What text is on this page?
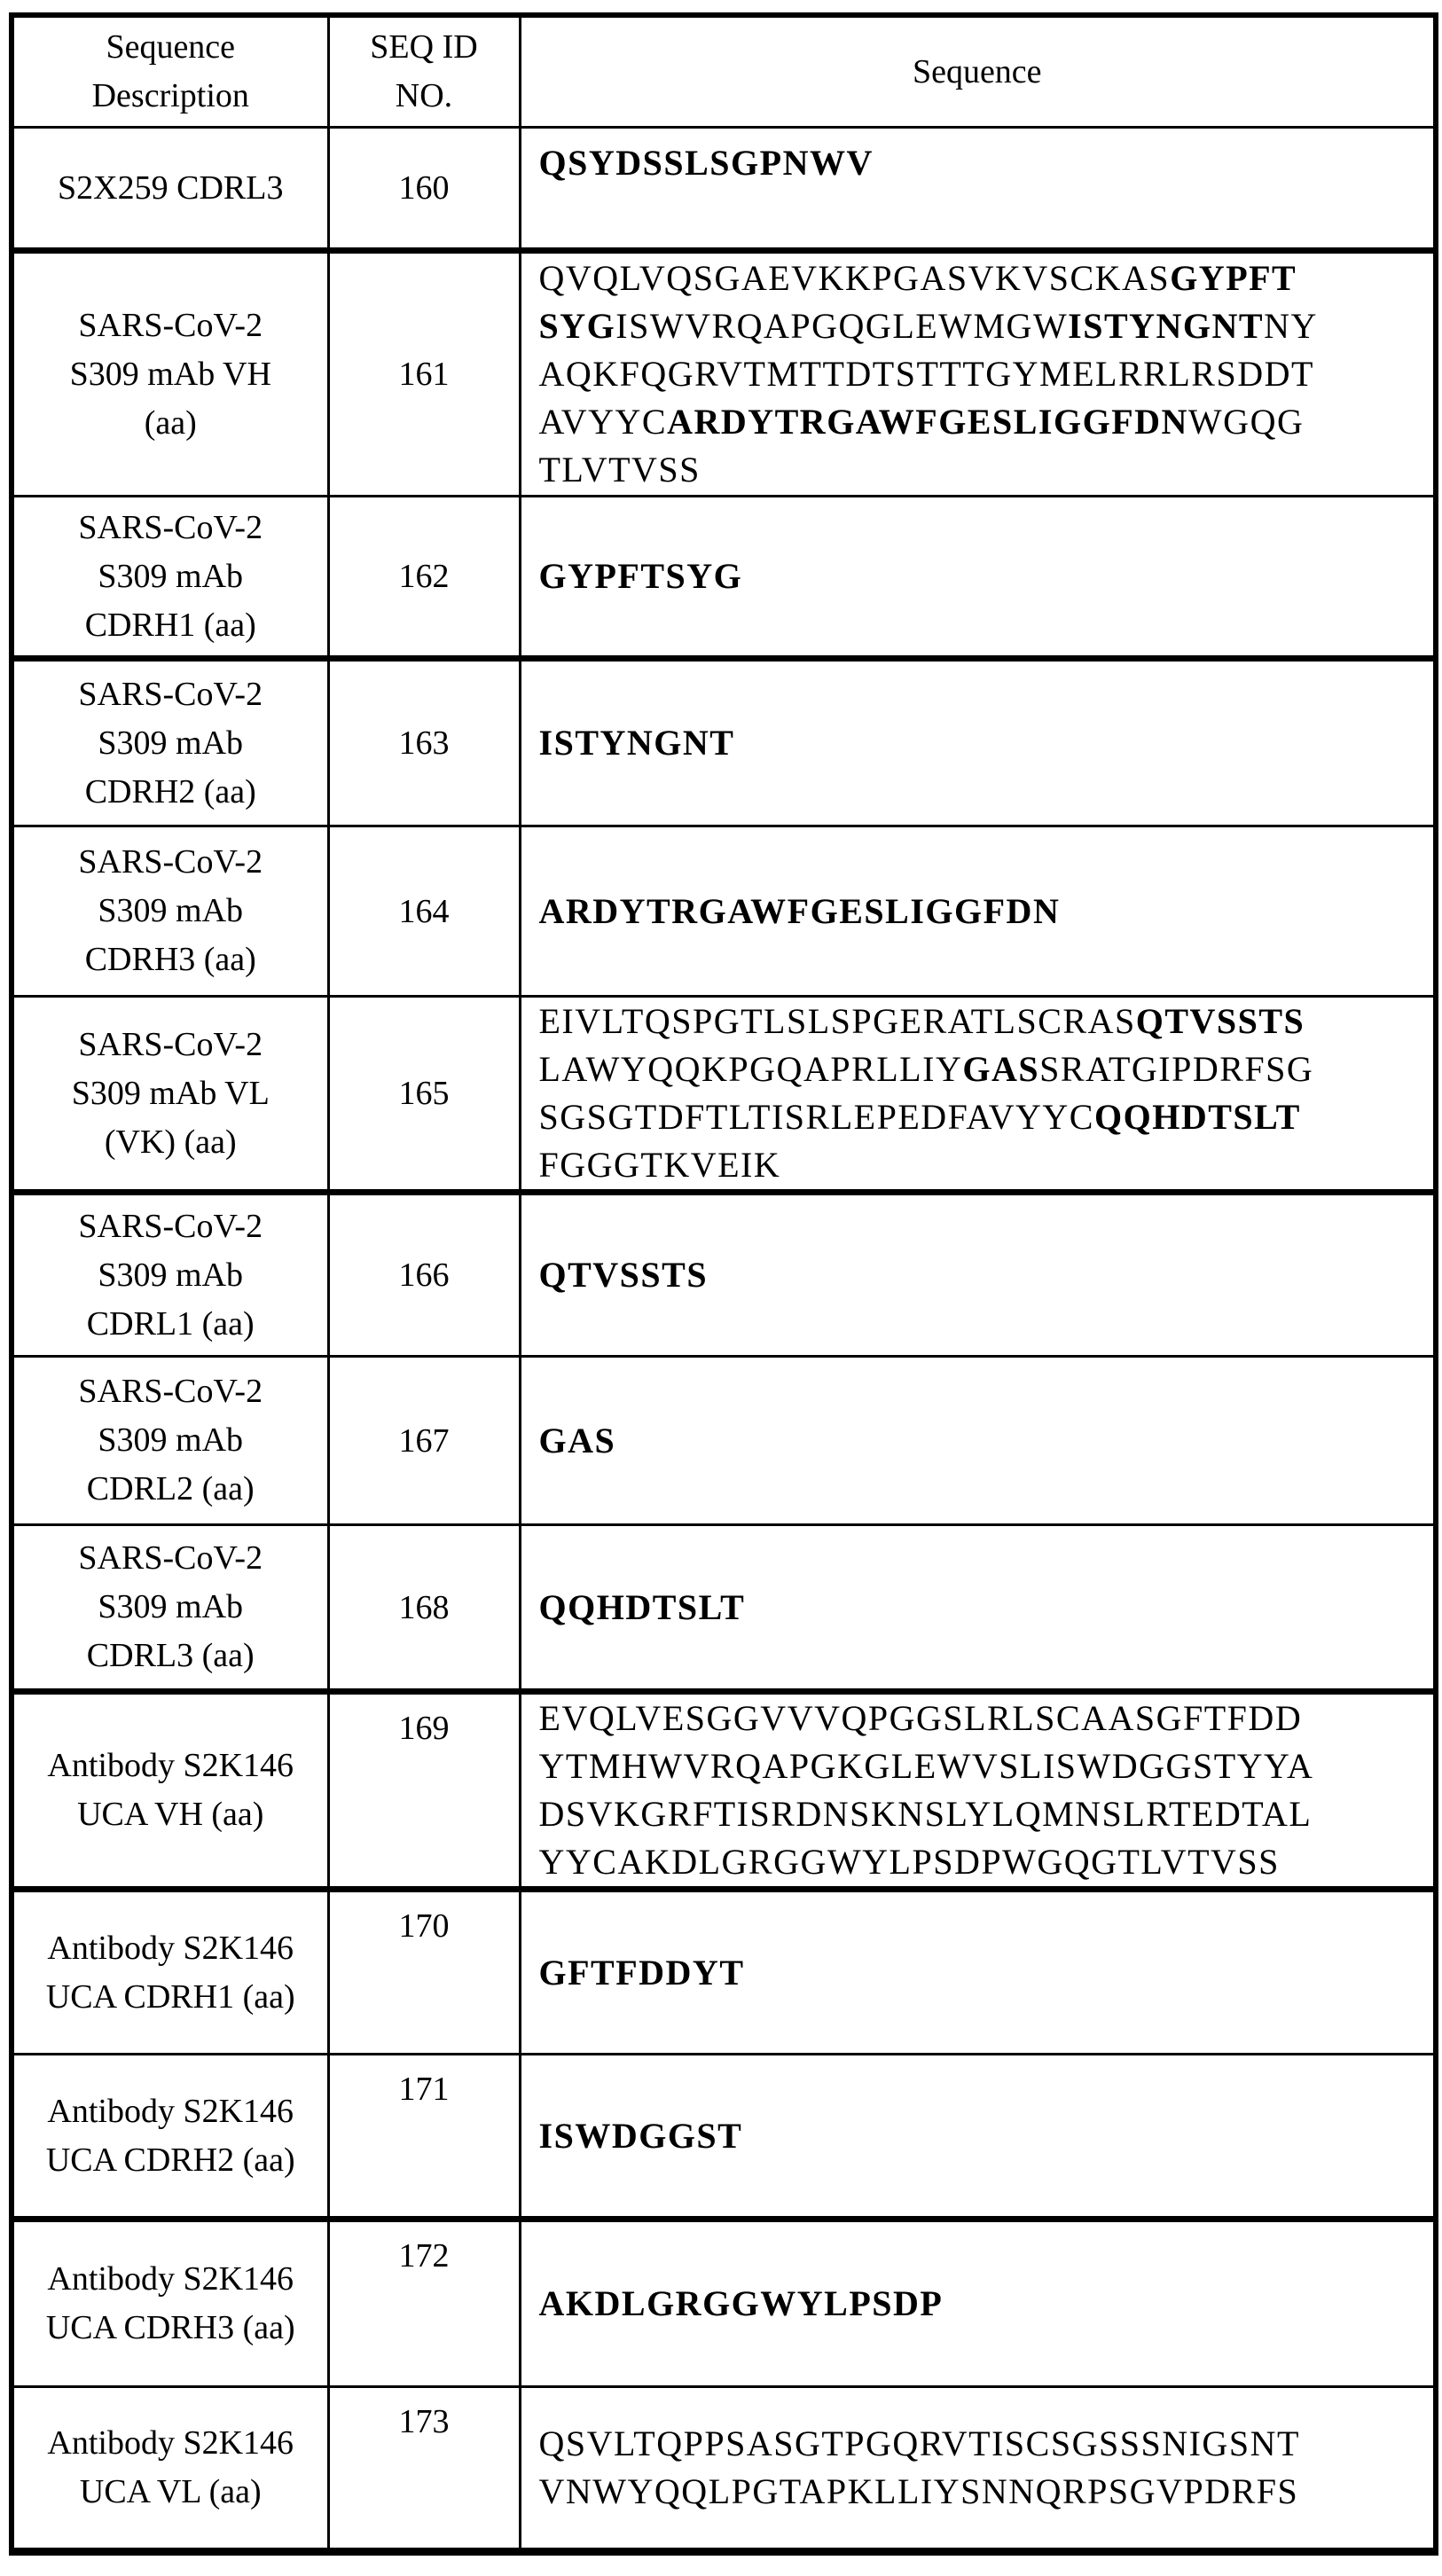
Sequence Description	SEQ ID NO.	Sequence
S2X259 CDRL3	160	QSYDSSLSGPNWV

SARS-CoV-2 S309 mAb VH (aa)	161	QVQLVQSGAEVKKPGASVKVSCKASGYPFT
SYGISWVRQAPGQGLEWMGWISTYNGNTNY
AQKFQGRVTMTTDTSTTTGYMELRRLRSDDT
AVYYCARDYTRGAWFGESLIGGFDNWGQG
TLVTVSS

SARS-CoV-2 S309 mAb CDRH1 (aa)	162	GYPFTSYG

SARS-CoV-2 S309 mAb CDRH2 (aa)	163	ISTYNGNT

SARS-CoV-2 S309 mAb CDRH3 (aa)	164	ARDYTRGAWFGESLIGGFDN

SARS-CoV-2 S309 mAb VL (VK) (aa)	165	EIVLTQSPGTLSLSPGERATLSCRASQTVSSTS
LAWYQQKPGQAPRLLIYGASSRATGIPDRFSG
SGSGTDFTLTISRLEPEDFAVYYCQQHDTSLT
FGGGTKVEIK

SARS-CoV-2 S309 mAb CDRL1 (aa)	166	QTVSSTS

SARS-CoV-2 S309 mAb CDRL2 (aa)	167	GAS

SARS-CoV-2 S309 mAb CDRL3 (aa)	168	QQHDTSLT

Antibody S2K146 UCA VH (aa)	169	EVQLVESGGVVVQPGGSLRLSCAASGFTFDD
YTMHWVRQAPGKGLEWVSLISWDGGSTYYA
DSVKGRFTISRDNSKNSLYLQMNSLRTEDTAL
YYCAKDLGRGGWYLPSDPWGQGTLVTVSS

Antibody S2K146 UCA CDRH1 (aa)	170	GFTFDDYT

Antibody S2K146 UCA CDRH2 (aa)	171	ISWDGGST

Antibody S2K146 UCA CDRH3 (aa)	172	AKDLGRGGWYLPSDP

Antibody S2K146 UCA VL (aa)	173	QSVLTQPPSASGTPGQRVTISCSGSSSNIGSNT
VNWYQQLPGTAPKLLIYSNNQRPSGVPDRFS
